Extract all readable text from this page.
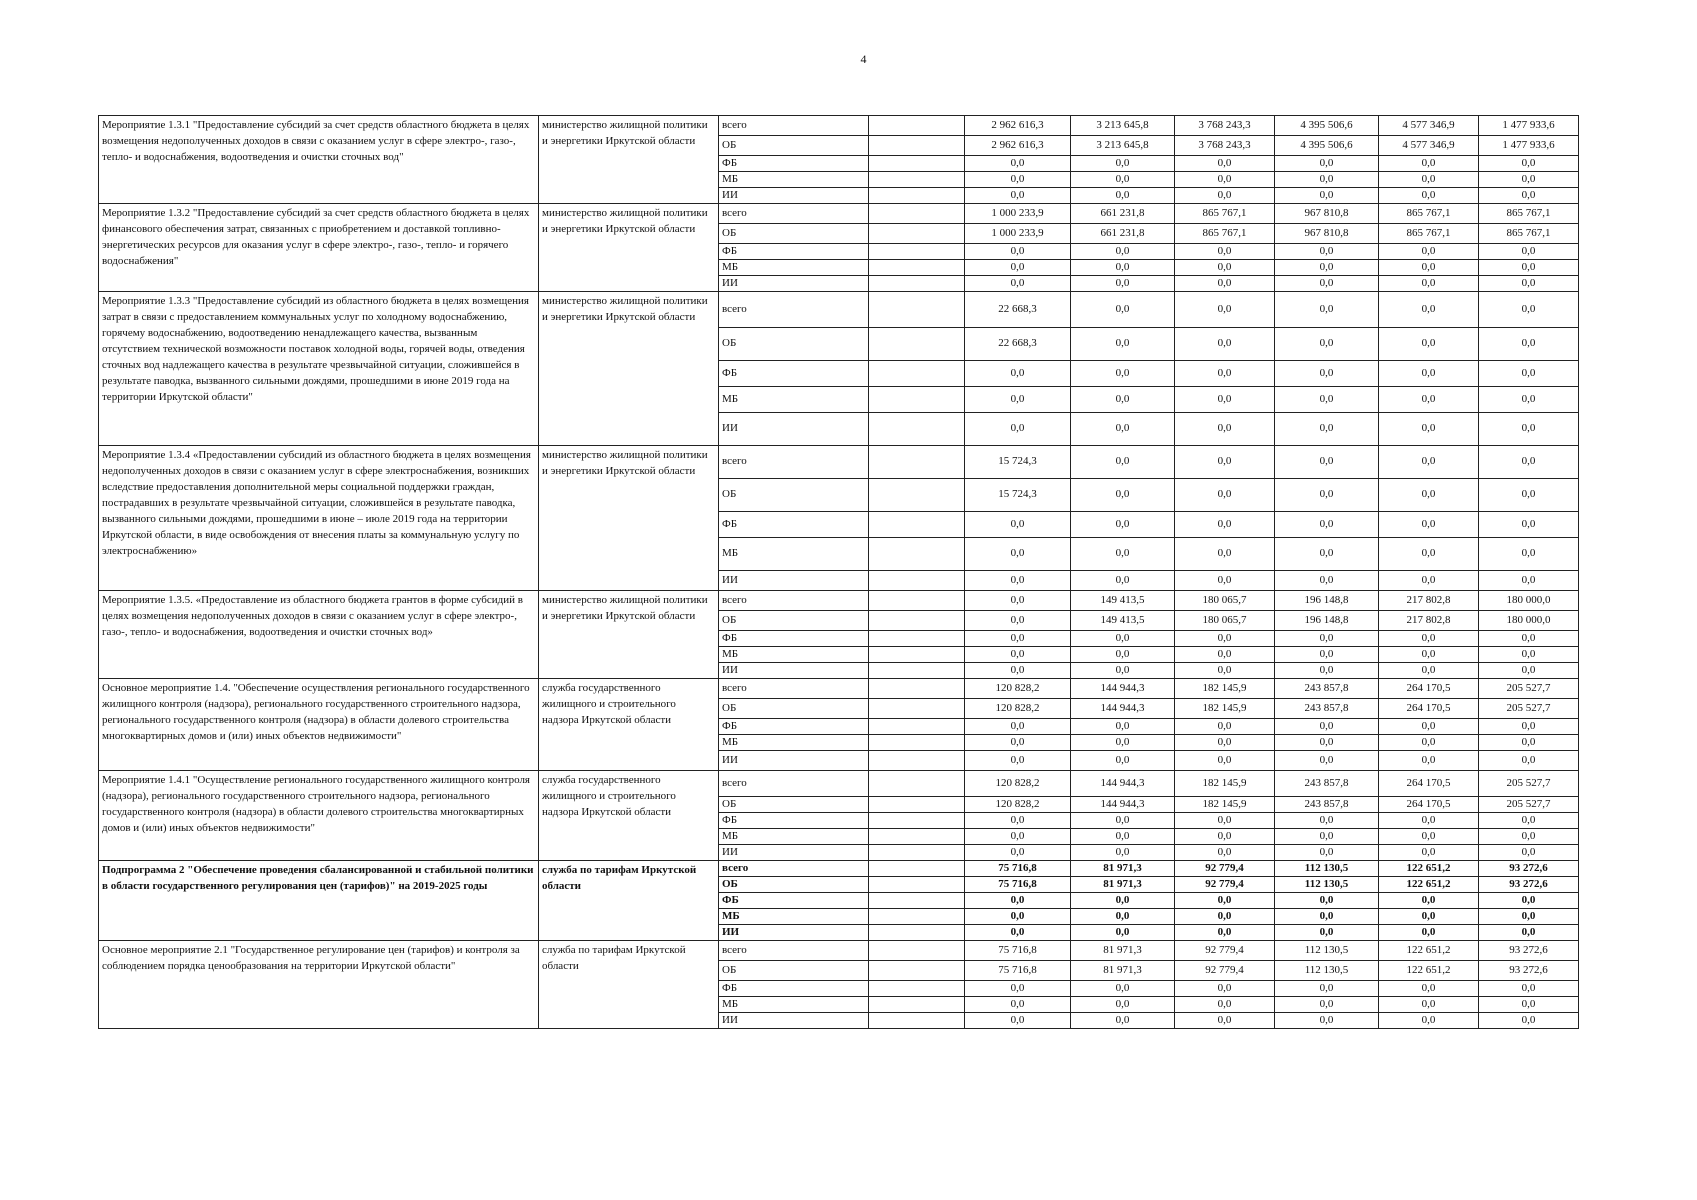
4
Мероприятие 1.3.1 "Предоставление субсидий за счет средств областного бюджета в целях возмещения недополученных доходов в связи с оказанием услуг в сфере электро-, газо-, тепло- и водоснабжения, водоотведения и очистки сточных вод"	министерство жилищной политики и энергетики Иркутской области	всего		2 962 616,3	3 213 645,8	3 768 243,3	4 395 506,6	4 577 346,9	1 477 933,6	
		ОБ		2 962 616,3	3 213 645,8	3 768 243,3	4 395 506,6	4 577 346,9	1 477 933,6	
		ФБ		0,0	0,0	0,0	0,0	0,0	0,0	
		МБ		0,0	0,0	0,0	0,0	0,0	0,0	
		ИИ		0,0	0,0	0,0	0,0	0,0	0,0	
Мероприятие 1.3.2 "Предоставление субсидий за счет средств областного бюджета в целях финансового обеспечения затрат, связанных с приобретением и доставкой топливно-энергетических ресурсов для оказания услуг в сфере электро-, газо-, тепло- и горячего водоснабжения"	министерство жилищной политики и энергетики Иркутской области	всего		1 000 233,9	661 231,8	865 767,1	967 810,8	865 767,1	865 767,1	
		ОБ		1 000 233,9	661 231,8	865 767,1	967 810,8	865 767,1	865 767,1	
		ФБ		0,0	0,0	0,0	0,0	0,0	0,0	
		МБ		0,0	0,0	0,0	0,0	0,0	0,0	
		ИИ		0,0	0,0	0,0	0,0	0,0	0,0	
Мероприятие 1.3.3 "Предоставление субсидий из областного бюджета в целях возмещения затрат в связи с предоставлением коммунальных услуг по холодному водоснабжению, горячему водоснабжению, водоотведению ненадлежащего качества, вызванным отсутствием технической возможности поставок холодной воды, горячей воды, отведения сточных вод надлежащего качества в результате чрезвычайной ситуации, сложившейся в результате паводка, вызванного сильными дождями, прошедшими в июне 2019 года на территории Иркутской области"	министерство жилищной политики и энергетики Иркутской области	всего		22 668,3	0,0	0,0	0,0	0,0	0,0	
		ОБ		22 668,3	0,0	0,0	0,0	0,0	0,0	
		ФБ		0,0	0,0	0,0	0,0	0,0	0,0	
		МБ		0,0	0,0	0,0	0,0	0,0	0,0	
		ИИ		0,0	0,0	0,0	0,0	0,0	0,0	
Мероприятие 1.3.4 «Предоставлении субсидий из областного бюджета в целях возмещения недополученных доходов в связи с оказанием услуг в сфере электроснабжения, возникших вследствие предоставления дополнительной меры социальной поддержки граждан, пострадавших в результате чрезвычайной ситуации, сложившейся в результате паводка, вызванного сильными дождями, прошедшими в июне – июле 2019 года на территории Иркутской области, в виде освобождения от внесения платы за коммунальную услугу по электроснабжению»	министерство жилищной политики и энергетики Иркутской области	всего		15 724,3	0,0	0,0	0,0	0,0	0,0	
		ОБ		15 724,3	0,0	0,0	0,0	0,0	0,0	
		ФБ		0,0	0,0	0,0	0,0	0,0	0,0	
		МБ		0,0	0,0	0,0	0,0	0,0	0,0	
		ИИ		0,0	0,0	0,0	0,0	0,0	0,0	
Мероприятие 1.3.5. «Предоставление из областного бюджета грантов в форме субсидий в целях возмещения недополученных доходов в связи с оказанием услуг в сфере электро-, газо-, тепло- и водоснабжения, водоотведения и очистки сточных вод»	министерство жилищной политики и энергетики Иркутской области	всего		0,0	149 413,5	180 065,7	196 148,8	217 802,8	180 000,0	
		ОБ		0,0	149 413,5	180 065,7	196 148,8	217 802,8	180 000,0	
		ФБ		0,0	0,0	0,0	0,0	0,0	0,0	
		МБ		0,0	0,0	0,0	0,0	0,0	0,0	
		ИИ		0,0	0,0	0,0	0,0	0,0	0,0	
Основное мероприятие 1.4. "Обеспечение осуществления регионального государственного жилищного контроля (надзора), регионального государственного строительного надзора, регионального государственного контроля (надзора) в области долевого строительства многоквартирных домов и (или) иных объектов недвижимости"	служба государственного жилищного и строительного надзора Иркутской области	всего		120 828,2	144 944,3	182 145,9	243 857,8	264 170,5	205 527,7	
		ОБ		120 828,2	144 944,3	182 145,9	243 857,8	264 170,5	205 527,7	
		ФБ		0,0	0,0	0,0	0,0	0,0	0,0	
		МБ		0,0	0,0	0,0	0,0	0,0	0,0	
		ИИ		0,0	0,0	0,0	0,0	0,0	0,0	
Мероприятие 1.4.1 "Осуществление регионального государственного жилищного контроля (надзора), регионального государственного строительного надзора, регионального государственного контроля (надзора) в области долевого строительства многоквартирных домов и (или) иных объектов недвижимости"	служба государственного жилищного и строительного надзора Иркутской области	всего		120 828,2	144 944,3	182 145,9	243 857,8	264 170,5	205 527,7	
		ОБ		120 828,2	144 944,3	182 145,9	243 857,8	264 170,5	205 527,7	
		ФБ		0,0	0,0	0,0	0,0	0,0	0,0	
		МБ		0,0	0,0	0,0	0,0	0,0	0,0	
		ИИ		0,0	0,0	0,0	0,0	0,0	0,0	
Подпрограмма 2 "Обеспечение проведения сбалансированной и стабильной политики в области государственного регулирования цен (тарифов)" на 2019-2025 годы	служба по тарифам Иркутской области	всего		75 716,8	81 971,3	92 779,4	112 130,5	122 651,2	93 272,6	
		ОБ		75 716,8	81 971,3	92 779,4	112 130,5	122 651,2	93 272,6	
		ФБ		0,0	0,0	0,0	0,0	0,0	0,0	
		МБ		0,0	0,0	0,0	0,0	0,0	0,0	
		ИИ		0,0	0,0	0,0	0,0	0,0	0,0	
Основное мероприятие 2.1 "Государственное регулирование цен (тарифов) и контроля за соблюдением порядка ценообразования на территории Иркутской области"	служба по тарифам Иркутской области	всего		75 716,8	81 971,3	92 779,4	112 130,5	122 651,2	93 272,6	
		ОБ		75 716,8	81 971,3	92 779,4	112 130,5	122 651,2	93 272,6	
		ФБ		0,0	0,0	0,0	0,0	0,0	0,0	
		МБ		0,0	0,0	0,0	0,0	0,0	0,0	
		ИИ		0,0	0,0	0,0	0,0	0,0	0,0	
